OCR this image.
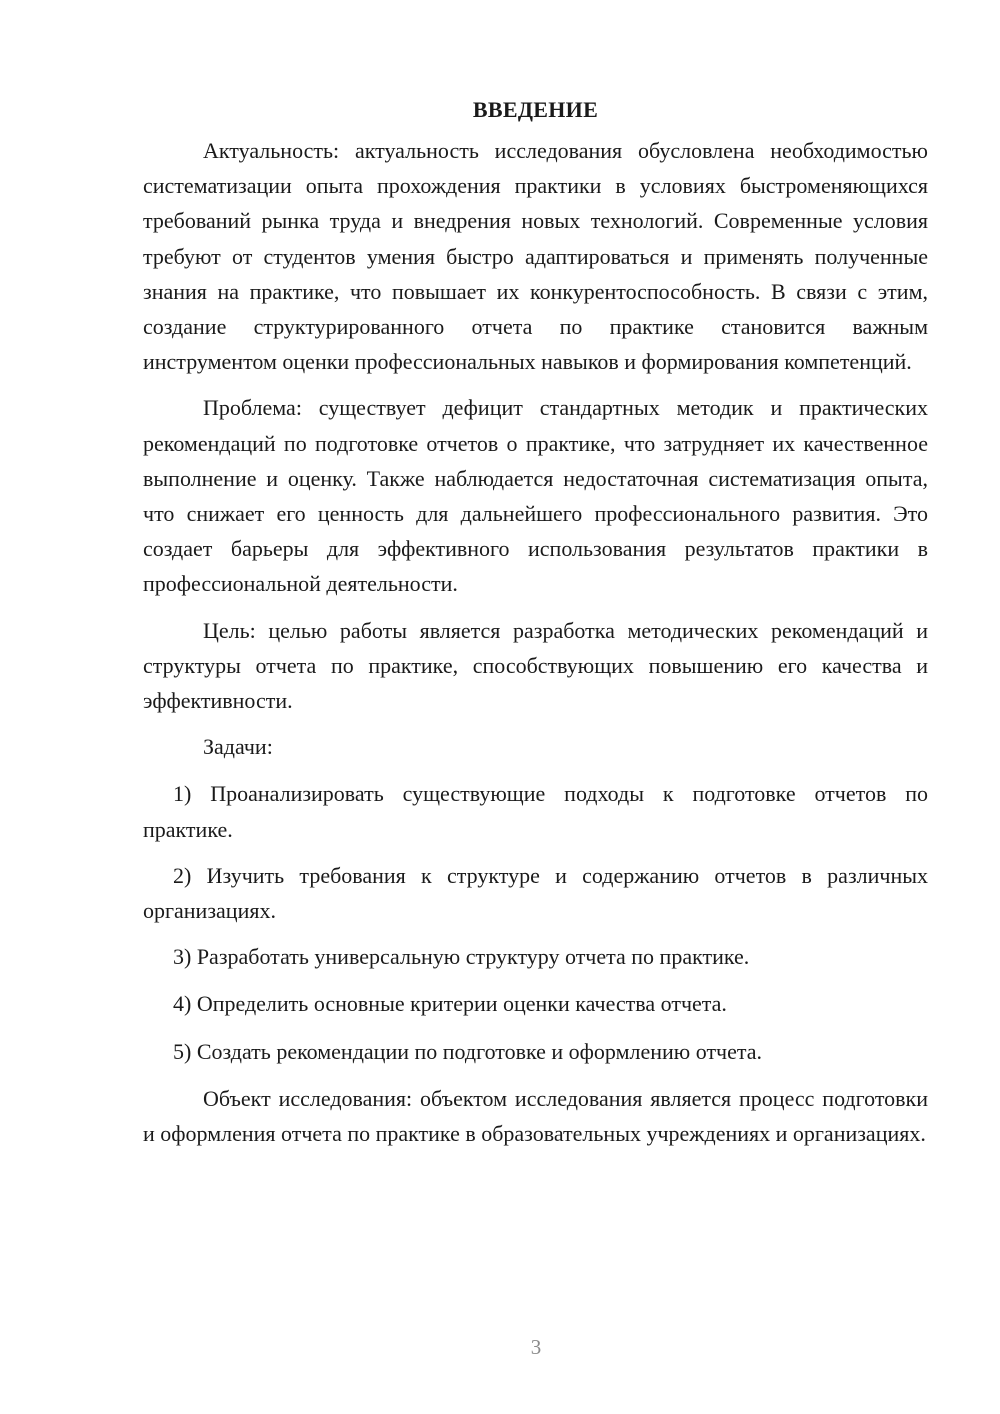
ВВЕДЕНИЕ

Актуальность: актуальность исследования обусловлена необходимостью систематизации опыта прохождения практики в условиях быстроменяющихся требований рынка труда и внедрения новых технологий. Современные условия требуют от студентов умения быстро адаптироваться и применять полученные знания на практике, что повышает их конкурентоспособность. В связи с этим, создание структурированного отчета по практике становится важным инструментом оценки профессиональных навыков и формирования компетенций.

Проблема: существует дефицит стандартных методик и практических рекомендаций по подготовке отчетов о практике, что затрудняет их качественное выполнение и оценку. Также наблюдается недостаточная систематизация опыта, что снижает его ценность для дальнейшего профессионального развития. Это создает барьеры для эффективного использования результатов практики в профессиональной деятельности.

Цель: целью работы является разработка методических рекомендаций и структуры отчета по практике, способствующих повышению его качества и эффективности.

Задачи:

1) Проанализировать существующие подходы к подготовке отчетов по практике.

2) Изучить требования к структуре и содержанию отчетов в различных организациях.

3) Разработать универсальную структуру отчета по практике.

4) Определить основные критерии оценки качества отчета.

5) Создать рекомендации по подготовке и оформлению отчета.

Объект исследования: объектом исследования является процесс подготовки и оформления отчета по практике в образовательных учреждениях и организациях.

3
